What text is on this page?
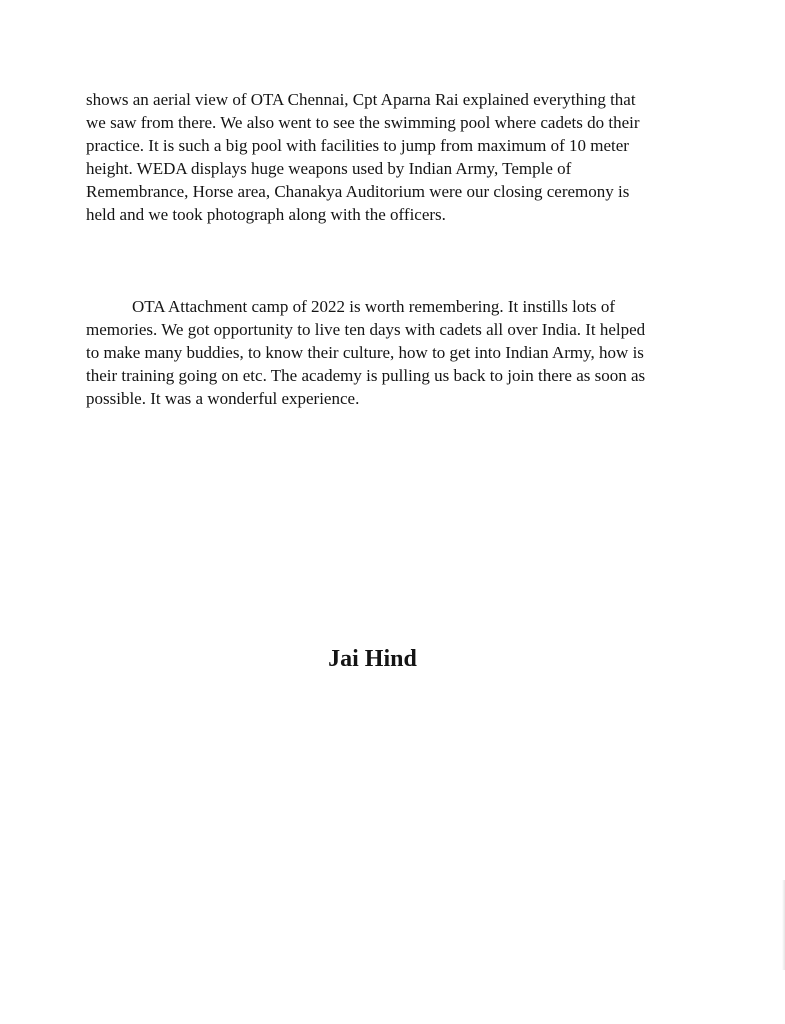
shows an aerial view of OTA Chennai, Cpt Aparna Rai explained everything that
we saw from there. We also went to see the swimming pool where cadets do their
practice. It is such a big pool with facilities to jump from maximum of 10 meter
height. WEDA displays huge weapons used by Indian Army, Temple of
Remembrance, Horse area, Chanakya Auditorium were our closing ceremony is
held and we took photograph along with the officers.

OTA Attachment camp of 2022 is worth remembering. It instills lots of
memories. We got opportunity to live ten days with cadets all over India. It helped
to make many buddies, to know their culture, how to get into Indian Army, how is
their training going on etc. The academy is pulling us back to join there as soon as
possible. It was a wonderful experience.

Jai Hind
